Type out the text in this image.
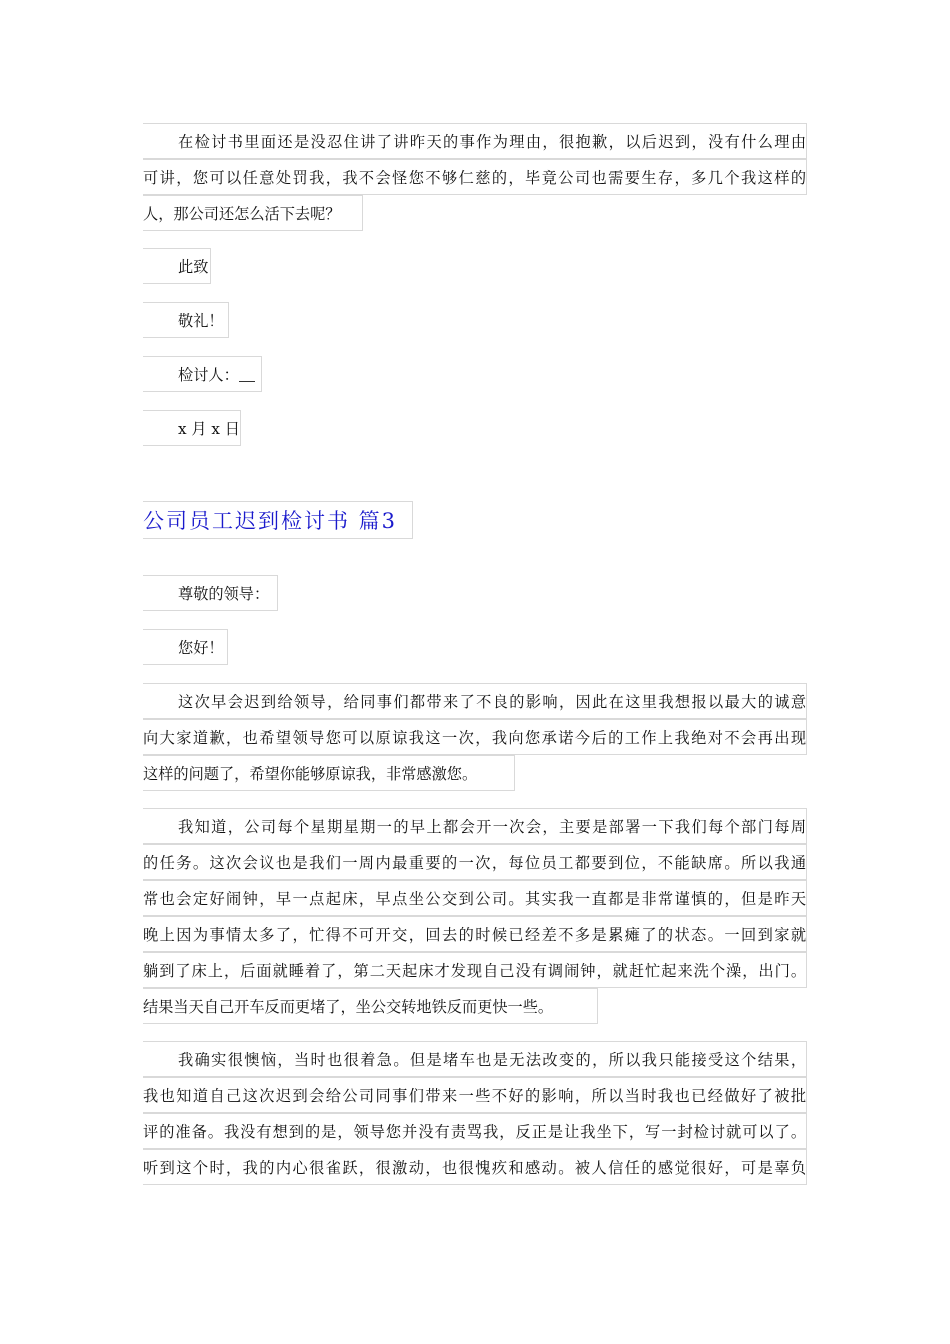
在检讨书里面还是没忍住讲了讲昨天的事作为理由，很抱歉，以后迟到，没有什么理由
可讲，您可以任意处罚我，我不会怪您不够仁慈的，毕竟公司也需要生存，多几个我这样的
人，那公司还怎么活下去呢？
此致
敬礼！
检讨人：
x 月 x 日
公司员工迟到检讨书 篇3
尊敬的领导：
您好！
这次早会迟到给领导，给同事们都带来了不良的影响，因此在这里我想报以最大的诚意
向大家道歉，也希望领导您可以原谅我这一次，我向您承诺今后的工作上我绝对不会再出现
这样的问题了，希望你能够原谅我，非常感激您。
我知道，公司每个星期星期一的早上都会开一次会，主要是部署一下我们每个部门每周
的任务。这次会议也是我们一周内最重要的一次，每位员工都要到位，不能缺席。所以我通
常也会定好闹钟，早一点起床，早点坐公交到公司。其实我一直都是非常谨慎的，但是昨天
晚上因为事情太多了，忙得不可开交，回去的时候已经差不多是累瘫了的状态。一回到家就
躺到了床上，后面就睡着了，第二天起床才发现自己没有调闹钟，就赶忙起来洗个澡，出门。
结果当天自己开车反而更堵了，坐公交转地铁反而更快一些。
我确实很懊恼，当时也很着急。但是堵车也是无法改变的，所以我只能接受这个结果，
我也知道自己这次迟到会给公司同事们带来一些不好的影响，所以当时我也已经做好了被批
评的准备。我没有想到的是，领导您并没有责骂我，反正是让我坐下，写一封检讨就可以了。
听到这个时，我的内心很雀跃，很激动，也很愧疚和感动。被人信任的感觉很好，可是辜负
